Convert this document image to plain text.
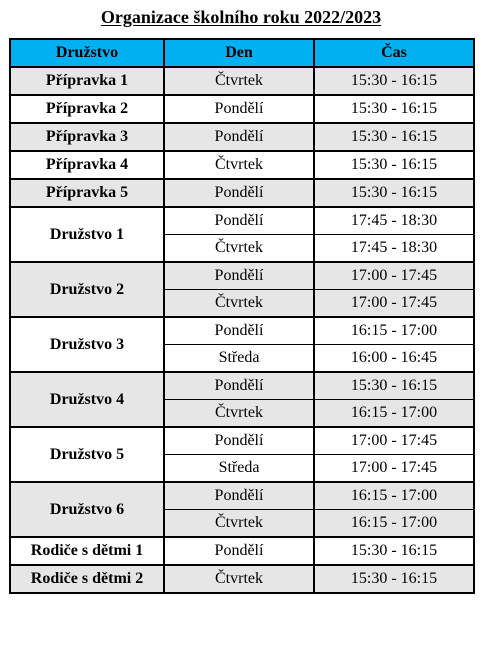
Organizace školního roku 2022/2023
Družstvo	Den	Čas
Přípravka 1	Čtvrtek	15:30 - 16:15
Přípravka 2	Pondělí	15:30 - 16:15
Přípravka 3	Pondělí	15:30 - 16:15
Přípravka 4	Čtvrtek	15:30 - 16:15
Přípravka 5	Pondělí	15:30 - 16:15
Družstvo 1	Pondělí	17:45 - 18:30
	Čtvrtek	17:45 - 18:30
Družstvo 2	Pondělí	17:00 - 17:45
	Čtvrtek	17:00 - 17:45
Družstvo 3	Pondělí	16:15 - 17:00
	Středa	16:00 - 16:45
Družstvo 4	Pondělí	15:30 - 16:15
	Čtvrtek	16:15 - 17:00
Družstvo 5	Pondělí	17:00 - 17:45
	Středa	17:00 - 17:45
Družstvo 6	Pondělí	16:15 - 17:00
	Čtvrtek	16:15 - 17:00
Rodiče s dětmi 1	Pondělí	15:30 - 16:15
Rodiče s dětmi 2	Čtvrtek	15:30 - 16:15
